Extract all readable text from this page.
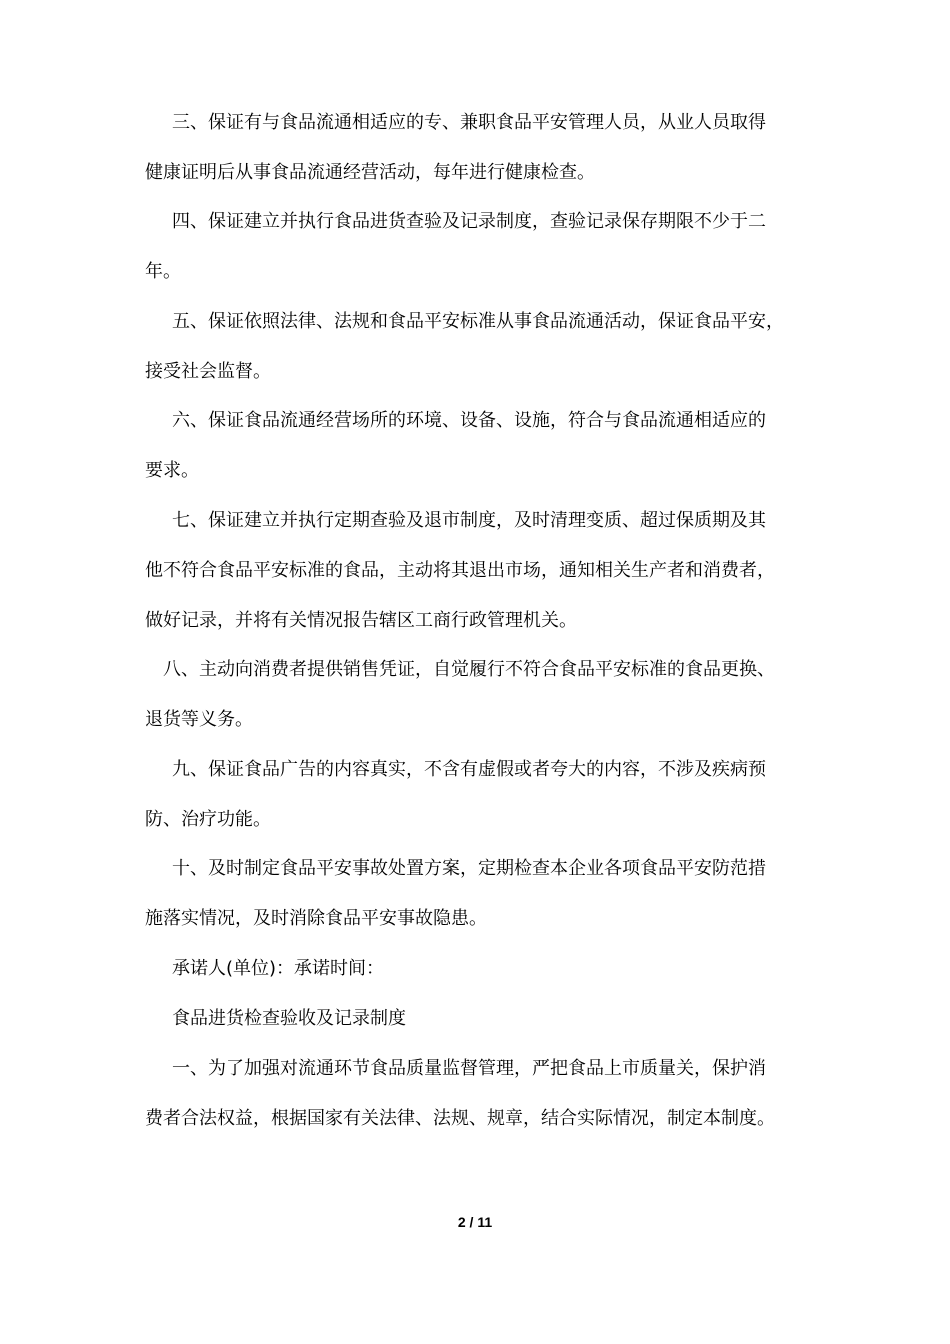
三、保证有与食品流通相适应的专、兼职食品平安管理人员，从业人员取得
健康证明后从事食品流通经营活动，每年进行健康检查。
四、保证建立并执行食品进货查验及记录制度，查验记录保存期限不少于二
年。
五、保证依照法律、法规和食品平安标准从事食品流通活动，保证食品平安，
接受社会监督。
六、保证食品流通经营场所的环境、设备、设施，符合与食品流通相适应的
要求。
七、保证建立并执行定期查验及退市制度，及时清理变质、超过保质期及其
他不符合食品平安标准的食品，主动将其退出市场，通知相关生产者和消费者，
做好记录，并将有关情况报告辖区工商行政管理机关。
八、主动向消费者提供销售凭证，自觉履行不符合食品平安标准的食品更换、
退货等义务。
九、保证食品广告的内容真实，不含有虚假或者夸大的内容，不涉及疾病预
防、治疗功能。
十、及时制定食品平安事故处置方案，定期检查本企业各项食品平安防范措
施落实情况，及时消除食品平安事故隐患。
承诺人(单位)：承诺时间：
食品进货检查验收及记录制度
一、为了加强对流通环节食品质量监督管理，严把食品上市质量关，保护消
费者合法权益，根据国家有关法律、法规、规章，结合实际情况，制定本制度。
2 / 11
